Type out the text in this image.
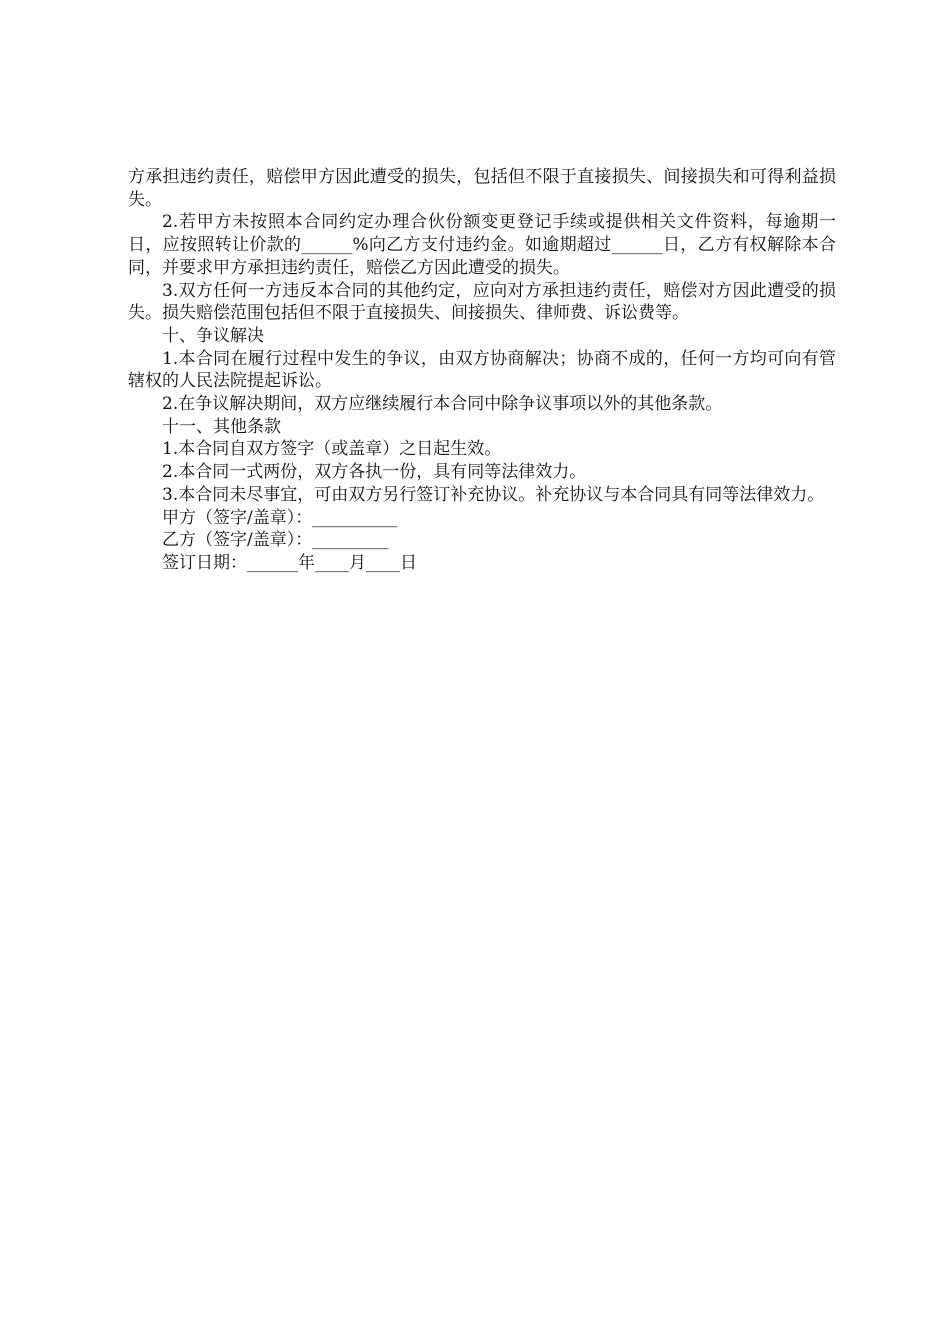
方承担违约责任，赔偿甲方因此遭受的损失，包括但不限于直接损失、间接损失和可得利益损失。

2.若甲方未按照本合同约定办理合伙份额变更登记手续或提供相关文件资料，每逾期一日，应按照转让价款的______%向乙方支付违约金。如逾期超过______日，乙方有权解除本合同，并要求甲方承担违约责任，赔偿乙方因此遭受的损失。

3.双方任何一方违反本合同的其他约定，应向对方承担违约责任，赔偿对方因此遭受的损失。损失赔偿范围包括但不限于直接损失、间接损失、律师费、诉讼费等。

十、争议解决

1.本合同在履行过程中发生的争议，由双方协商解决；协商不成的，任何一方均可向有管辖权的人民法院提起诉讼。

2.在争议解决期间，双方应继续履行本合同中除争议事项以外的其他条款。

十一、其他条款

1.本合同自双方签字（或盖章）之日起生效。

2.本合同一式两份，双方各执一份，具有同等法律效力。

3.本合同未尽事宜，可由双方另行签订补充协议。补充协议与本合同具有同等法律效力。

甲方（签字/盖章）：__________

乙方（签字/盖章）：_________

签订日期：______年____月____日
